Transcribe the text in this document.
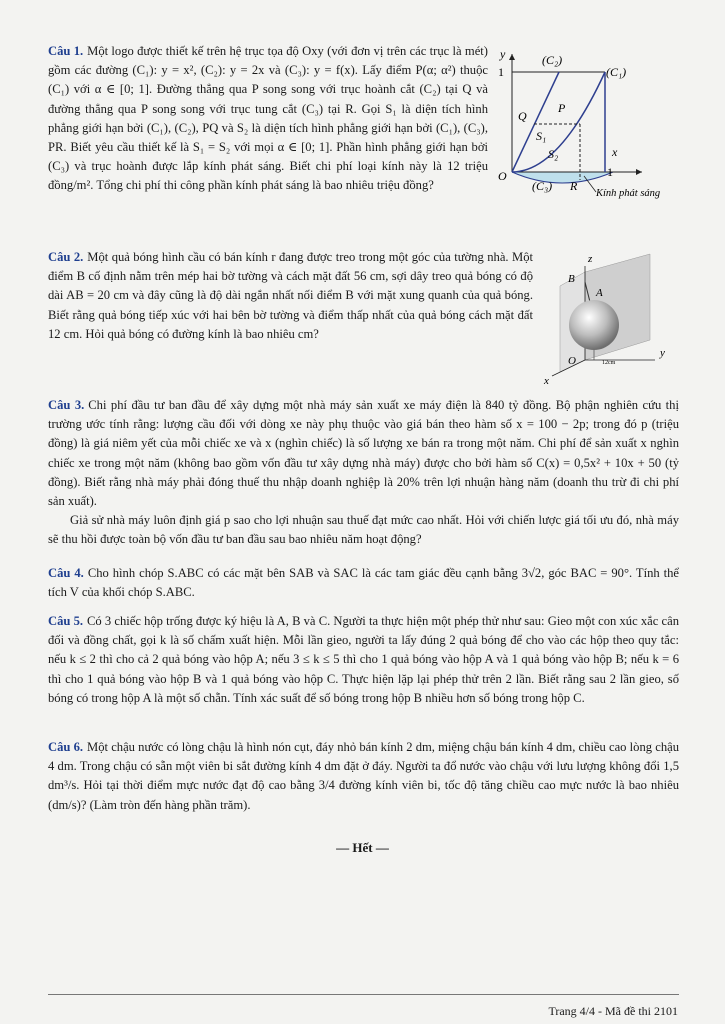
Câu 1. Một logo được thiết kế trên hệ trục tọa độ Oxy (với đơn vị trên các trục là mét) gồm các đường (C₁): y = x², (C₂): y = 2x và (C₃): y = f(x). Lấy điểm P(α; α²) thuộc (C₁) với α ∈ [0; 1]. Đường thẳng qua P song song với trục hoành cắt (C₂) tại Q và đường thẳng qua P song song với trục tung cắt (C₃) tại R. Gọi S₁ là diện tích hình phẳng giới hạn bởi (C₁), (C₂), PQ và S₂ là diện tích hình phẳng giới hạn bởi (C₁), (C₃), PR. Biết yêu cầu thiết kế là S₁ = S₂ với mọi α ∈ [0; 1]. Phần hình phẳng giới hạn bởi (C₃) và trục hoành được lắp kính phát sáng. Biết chi phí loại kính này là 12 triệu đồng/m². Tổng chi phí thi công phần kính phát sáng là bao nhiêu triệu đồng?

y
x
O
1
1
(C₂)
(C₁)
(C₃)
P
Q
R
S₁
S₂
Kính phát sáng

Câu 2. Một quả bóng hình cầu có bán kính r đang được treo trong một góc của tường nhà. Một điểm B cố định nằm trên mép hai bờ tường và cách mặt đất 56 cm, sợi dây treo quả bóng có độ dài AB = 20 cm và đây cũng là độ dài ngắn nhất nối điểm B với mặt xung quanh của quả bóng. Biết rằng quả bóng tiếp xúc với hai bên bờ tường và điểm thấp nhất của quả bóng cách mặt đất 12 cm. Hỏi quả bóng có đường kính là bao nhiêu cm?

z
B
A
O	12cm
y
x

Câu 3. Chi phí đầu tư ban đầu để xây dựng một nhà máy sản xuất xe máy điện là 840 tỷ đồng. Bộ phận nghiên cứu thị trường ước tính rằng: lượng cầu đối với dòng xe này phụ thuộc vào giá bán theo hàm số x = 100 − 2p; trong đó p (triệu đồng) là giá niêm yết của mỗi chiếc xe và x (nghìn chiếc) là số lượng xe bán ra trong một năm. Chi phí để sản xuất x nghìn chiếc xe trong một năm (không bao gồm vốn đầu tư xây dựng nhà máy) được cho bởi hàm số C(x) = 0,5x² + 10x + 50 (tỷ đồng). Biết rằng nhà máy phải đóng thuế thu nhập doanh nghiệp là 20% trên lợi nhuận hàng năm (doanh thu trừ đi chi phí sản xuất).

Giả sử nhà máy luôn định giá p sao cho lợi nhuận sau thuế đạt mức cao nhất. Hỏi với chiến lược giá tối ưu đó, nhà máy sẽ thu hồi được toàn bộ vốn đầu tư ban đầu sau bao nhiêu năm hoạt động?

Câu 4. Cho hình chóp S.ABC có các mặt bên SAB và SAC là các tam giác đều cạnh bằng 3√2, góc BAC = 90°. Tính thể tích V của khối chóp S.ABC.

Câu 5. Có 3 chiếc hộp trống được ký hiệu là A, B và C. Người ta thực hiện một phép thử như sau: Gieo một con xúc xắc cân đối và đồng chất, gọi k là số chấm xuất hiện. Mỗi lần gieo, người ta lấy đúng 2 quả bóng để cho vào các hộp theo quy tắc: nếu k ≤ 2 thì cho cả 2 quả bóng vào hộp A; nếu 3 ≤ k ≤ 5 thì cho 1 quả bóng vào hộp A và 1 quả bóng vào hộp B; nếu k = 6 thì cho 1 quả bóng vào hộp B và 1 quả bóng vào hộp C. Thực hiện lặp lại phép thử trên 2 lần. Biết rằng sau 2 lần gieo, số bóng có trong hộp A là một số chẵn. Tính xác suất để số bóng trong hộp B nhiều hơn số bóng trong hộp C.

Câu 6. Một chậu nước có lòng chậu là hình nón cụt, đáy nhỏ bán kính 2 dm, miệng chậu bán kính 4 dm, chiều cao lòng chậu 4 dm. Trong chậu có sẵn một viên bi sắt đường kính 4 dm đặt ở đáy. Người ta đổ nước vào chậu với lưu lượng không đổi 1,5 dm³/s. Hỏi tại thời điểm mực nước đạt độ cao bằng 3/4 đường kính viên bi, tốc độ tăng chiều cao mực nước là bao nhiêu (dm/s)? (Làm tròn đến hàng phần trăm).

— Hết —
Trang 4/4 - Mã đề thi 2101
